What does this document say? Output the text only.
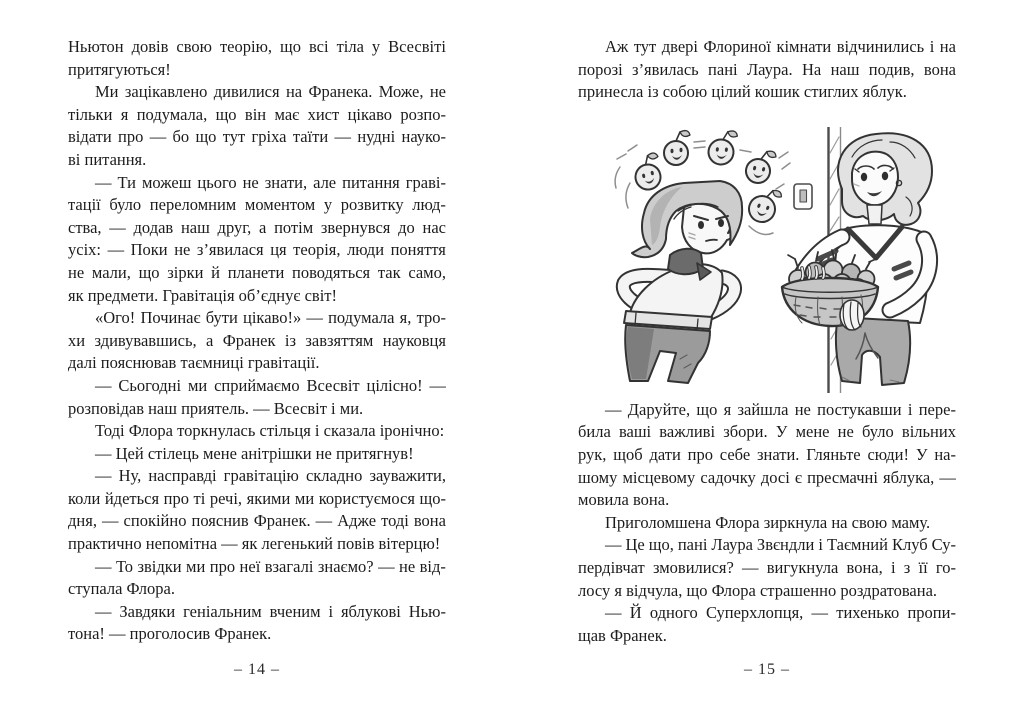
Ньютон довів свою теорію, що всі тіла у Всесвіті
притягуються!
Ми зацікавлено дивилися на Франека. Може, не
тільки я подумала, що він має хист цікаво розпо-
відати про — бо що тут гріха таїти — нудні науко-
ві питання.
— Ти можеш цього не знати, але питання граві-
тації було переломним моментом у розвитку люд-
ства, — додав наш друг, а потім звернувся до нас
усіх: — Поки не з’явилася ця теорія, люди поняття
не мали, що зірки й планети поводяться так само,
як предмети. Гравітація об’єднує світ!
«Ого! Починає бути цікаво!» — подумала я, тро-
хи здивувавшись, а Франек із завзяттям науковця
далі пояснював таємниці гравітації.
— Сьогодні ми сприймаємо Всесвіт цілісно! —
розповідав наш приятель. — Всесвіт і ми.
Тоді Флора торкнулась стільця і сказала іронічно:
— Цей стілець мене анітрішки не притягнув!
— Ну, насправді гравітацію складно зауважити,
коли йдеться про ті речі, якими ми користуємося що-
дня, — спокійно пояснив Франек. — Адже тоді вона
практично непомітна — як легенький повів вітерцю!
— То звідки ми про неї взагалі знаємо? — не від-
ступала Флора.
— Завдяки геніальним вченим і яблукові Нью-
тона! — проголосив Франек.
– 14 –
Аж тут двері Флориної кімнати відчинились і на
порозі з’явилась пані Лаура. На наш подив, вона
принесла із собою цілий кошик стиглих яблук.
— Даруйте, що я зайшла не постукавши і пере-
била ваші важливі збори. У мене не було вільних
рук, щоб дати про себе знати. Гляньте сюди! У на-
шому місцевому садочку досі є пресмачні яблука, —
мовила вона.
Приголомшена Флора зиркнула на свою маму.
— Це що, пані Лаура Звєндли і Таємний Клуб Су-
пердівчат змовилися? — вигукнула вона, і з її го-
лосу я відчула, що Флора страшенно роздратована.
— Й одного Суперхлопця, — тихенько пропи-
щав Франек.
– 15 –
